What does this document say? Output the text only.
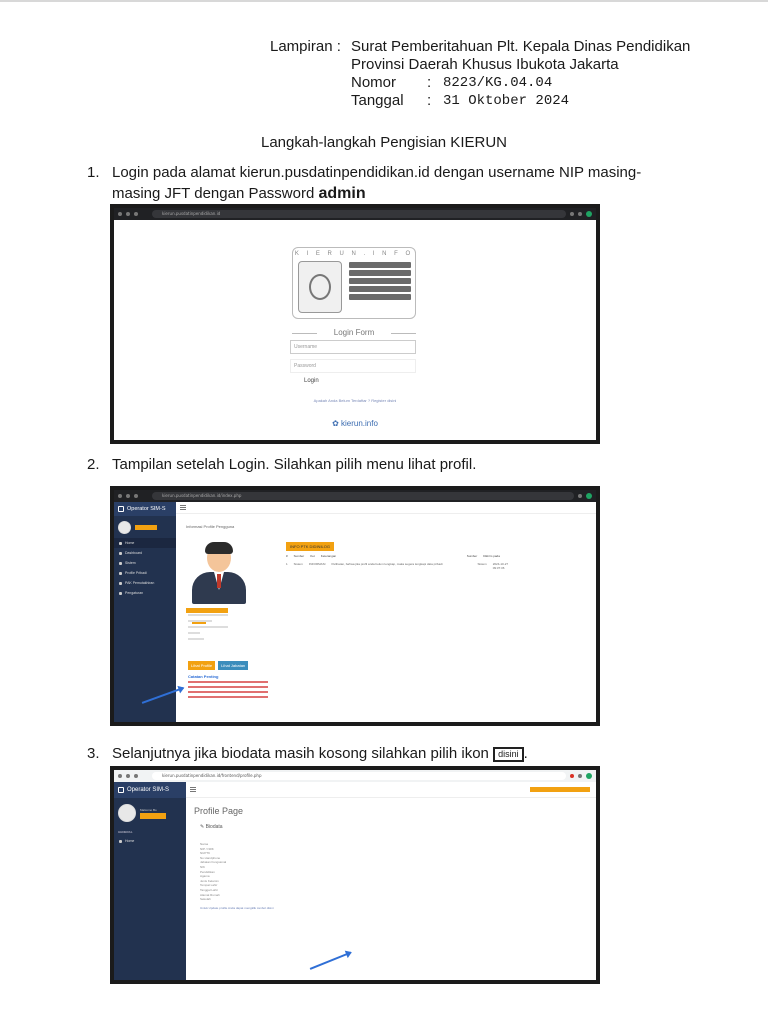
Lampiran : Surat Pemberitahuan Plt. Kepala Dinas Pendidikan
Provinsi Daerah Khusus Ibukota Jakarta
Nomor	: 8223/KG.04.04
Tanggal	: 31 Oktober 2024
Langkah-langkah Pengisian KIERUN
1. Login pada alamat kierun.pusdatinpendidikan.id dengan username NIP masing-
masing JFT dengan Password admin
kierun.pusdatinpendidikan.id
K I E R U N . I N F O
Login Form
Username
Password
Login
Apakah Anda Belum Terdaftar ? Register disini
✿ kierun.info
2. Tampilan setelah Login. Silahkan pilih menu lihat profil.
kierun.pusdatinpendidikan.id/index.php
Operator SIM-S
Home
Dashboard
Sistem
Profile Pribadi
PAK Pemutakhiran
Pengaturan
Informasi Profile Pengguna
Lihat Profile	Lihat Jabatan
Catatan Penting
INFO PTK DIDINILOG
# Sumber Ket Keterangan	Sumber Dikirim pada
1 Sistem INFORMASI Pelihatan, bahwa jika profil anda belum lengkap, maka segera lengkapi data pribadi	Sistem 2024-10-27 09:37:36
3. Selanjutnya jika biodata masih kosong silahkan pilih ikon disini .
kierun.pusdatinpendidikan.id/frontend/profile.php
Operator SIM-S
Malcomo Bo
GENERAL
Home
Profile Page
✎ Biodata
Nama
NIP / NRK
NUPTK
No Handphone
Jabatan Fungsional
NIK
Pendidikan
Agama
Jenis Kelamin
Tempat Lahir
Tanggal Lahir
Alamat Rumah
Sekolah
Untuk Update profile Anda dapat mengklik tombol disini
